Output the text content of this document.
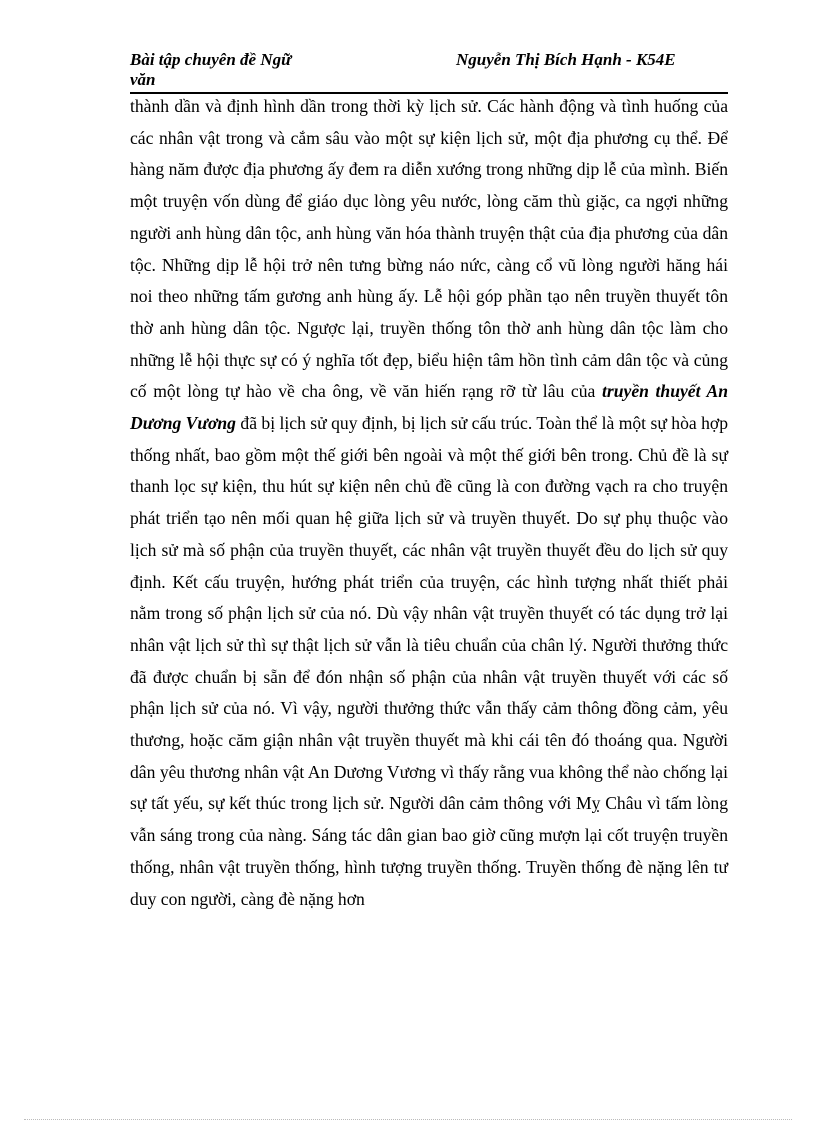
Bài tập chuyên đề Ngữ văn
Nguyễn Thị Bích Hạnh - K54E

thành dần và định hình dần trong thời kỳ lịch sử. Các hành động và tình huống của các nhân vật trong và cắm sâu vào một sự kiện lịch sử, một địa phương cụ thể. Để hàng năm được địa phương ấy đem ra diễn xướng trong những dịp lễ của mình. Biến một truyện vốn dùng để giáo dục lòng yêu nước, lòng căm thù giặc, ca ngợi những người anh hùng dân tộc, anh hùng văn hóa thành truyện thật của địa phương của dân tộc. Những dịp lễ hội trở nên tưng bừng náo nức, càng cổ vũ lòng người hăng hái noi theo những tấm gương anh hùng ấy. Lễ hội góp phần tạo nên truyền thuyết tôn thờ anh hùng dân tộc. Ngược lại, truyền thống tôn thờ anh hùng dân tộc làm cho những lễ hội thực sự có ý nghĩa tốt đẹp, biểu hiện tâm hồn tình cảm dân tộc và củng cố một lòng tự hào về cha ông, về văn hiến rạng rỡ từ lâu của truyền thuyết An Dương Vương đã bị lịch sử quy định, bị lịch sử cấu trúc. Toàn thể là một sự hòa hợp thống nhất, bao gồm một thế giới bên ngoài và một thế giới bên trong. Chủ đề là sự thanh lọc sự kiện, thu hút sự kiện nên chủ đề cũng là con đường vạch ra cho truyện phát triển tạo nên mối quan hệ giữa lịch sử và truyền thuyết. Do sự phụ thuộc vào lịch sử mà số phận của truyền thuyết, các nhân vật truyền thuyết đều do lịch sử quy định. Kết cấu truyện, hướng phát triển của truyện, các hình tượng nhất thiết phải nằm trong số phận lịch sử của nó. Dù vậy nhân vật truyền thuyết có tác dụng trở lại nhân vật lịch sử thì sự thật lịch sử vẫn là tiêu chuẩn của chân lý. Người thưởng thức đã được chuẩn bị sẵn để đón nhận số phận của nhân vật truyền thuyết với các số phận lịch sử của nó. Vì vậy, người thưởng thức vẫn thấy cảm thông đồng cảm, yêu thương, hoặc căm giận nhân vật truyền thuyết mà khi cái tên đó thoáng qua. Người dân yêu thương nhân vật An Dương Vương vì thấy rằng vua không thể nào chống lại sự tất yếu, sự kết thúc trong lịch sử. Người dân cảm thông với Mỵ Châu vì tấm lòng vẫn sáng trong của nàng. Sáng tác dân gian bao giờ cũng mượn lại cốt truyện truyền thống, nhân vật truyền thống, hình tượng truyền thống. Truyền thống đè nặng lên tư duy con người, càng đè nặng hơn
